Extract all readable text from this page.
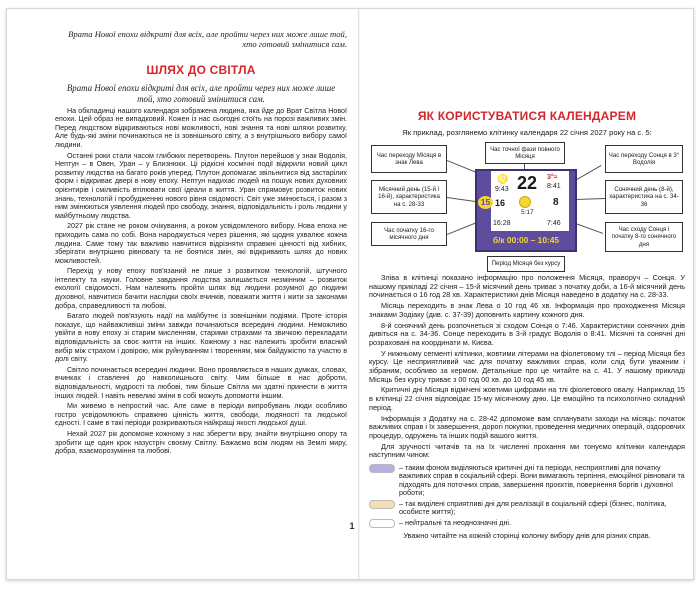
Врата Нової епохи відкриті для всіх, але пройти через них може лише той, хто готовий змінитися сам.
ШЛЯХ ДО СВІТЛА
Врата Нової епохи відкриті для всіх, але пройти через них може лише той, хто готовий змінитися сам.

На обкладинці нашого календаря зображена людина, яка йде до Врат Світла Нової епохи. Цей образ не випадковий. Кожен із нас сьогодні стоїть на порозі важливих змін. Перед людством відкриваються нові можливості, нові знання та нові шляхи розвитку. Але будь-які зміни починаються не із зовнішнього світу, а з внутрішнього вибору самої людини.

Останні роки стали часом глибоких перетворень. Плутон перейшов у знак Водолія, Нептун – в Овен, Уран – у Близнюки. Ці рідкісні космічні події відкрили новий цикл розвитку людства на багато років уперед. Плутон допомагає звільнитися від застарілих форм і відкриває двері в нову епоху. Нептун надихає людей на пошук нових духовних орієнтирів і сміливість втілювати свої ідеали в життя. Уран спрямовує розвиток нових знань, технологій і пробудженню нового рівня свідомості. Світ уже змінюється, і разом з ним змінюються уявлення людей про свободу, знання, відповідальність і роль людини у майбутньому людства.

2027 рік стане не роком очікування, а роком усвідомленого вибору. Нова епоха не приходить сама по собі. Вона народжується через рішення, які щодня ухвалює кожна людина. Саме тому так важливо навчитися відрізняти справжні цінності від хибних, зберігати внутрішню рівновагу та не боятися змін, які відкривають шлях до нових можливостей.

Перехід у нову епоху пов'язаний не лише з розвитком технологій, штучного інтелекту та науки. Головне завдання людства залишається незмінним – розвиток екології свідомості. Нам належить пройти шлях від людини розумної до людини духовної, навчитися бачити наслідки своїх вчинків, поважати життя і жити за законами добра, справедливості та любові.

Багато людей пов'язують надії на майбутнє із зовнішніми подіями. Проте історія показує, що найважливіші зміни завжди починаються всередині людини. Неможливо увійти в нову епоху зі старим мисленням, старими страхами та звичкою перекладати відповідальність за своє життя на інших. Кожному з нас належить зробити власний вибір між страхом і довірою, між руйнуванням і творенням, між байдужістю та участю в долі світу.

Світло починається всередині людини. Воно проявляється в наших думках, словах, вчинках і ставленні до навколишнього світу. Чим більше в нас доброти, відповідальності, мудрості та любові, тим більше Світла ми здатні принести в життя інших людей. І навіть невеликі зміни в собі можуть допомогти іншим.

Ми живемо в непростий час. Але саме в періоди випробувань люди особливо гостро усвідомлюють справжню цінність життя, свободи, людяності та людської єдності. І саме в такі періоди розкриваються найкращі якості людської душі.

Нехай 2027 рік допоможе кожному з нас зберегти віру, знайти внутрішню опору та зробити ще один крок назустріч своєму Світлу. Бажаємо всім людям на Землі миру, добра, взаєморозуміння та любові.

ЯК КОРИСТУВАТИСЯ КАЛЕНДАРЕМ
Як приклад, розглянемо клітинку календаря 22 січня 2027 року на с. 5:
Час переходу Місяця в знак Лева
Час точної фази повного Місяця	Час переходу Сонця в 3° Водолія
Місячний день (15-й і 16-й), характеристика на с. 28-33
Сонячний день (8-й), характеристика на с. 34-36
Час початку 16-го місячного дня
Час сходу Сонця і початку 8-го сонячного дня
Період Місяця без курсу
♌
9:43 22 3°≈
8:41
15 16
5:17
8
16:28	7:46
б/к 00:00 – 10:45

Зліва в клітинці показано інформацію про положення Місяця, праворуч – Сонця. У нашому прикладі 22 січня – 15-й місячний день триває з початку доби, а 16-й місячний день починається о 16 год 28 хв. Характеристики днів Місяця наведено в додатку на с. 28-33.

Місяць переходить в знак Лева о 10 год 46 хв. Інформація про проходження Місяця знаками Зодіаку (див. с. 37-39) доповнить картину кожного дня.

8-й сонячний день розпочнеться зі сходом Сонця о 7:46. Характеристики сонячних днів дивіться на с. 34-36. Сонце переходить в 3-й градус Водолія о 8:41. Місячні та сонячні дні розраховані на координати м. Києва.

У нижньому сегменті клітинки, жовтими літерами на фіолетовому тлі – період Місяця без курсу. Це несприятливий час для початку важливих справ, коли слід бути уважним і зібраним, особливо за кермом. Детальніше про це читайте на с. 41. У нашому прикладі Місяць без курсу триває з 00 год 00 хв. до 10 год 45 хв.

Критичні дні Місяця відмічені жовтими цифрами на тлі фіолетового овалу. Наприклад 15 в клітинці 22 січня відповідає 15-му місячному дню. Це емоційно та психологічно складний період.

Інформація з Додатку на с. 28-42 допоможе вам спланувати заходи на місяць: початок важливих справ і їх завершення, дорогі покупки, проведення медичних операцій, оздоровчих процедур, одружень та інших подій вашого життя.

Для зручності читачів та на їх численні прохання ми тонуємо клітинки календаря наступним чином:

– таким фоном виділяються критичні дні та періоди, несприятливі для початку важливих справ в соціальній сфері. Вони вимагають терпіння, емоційної рівноваги та підходять для поточних справ, завершення проєктів, повернення боргів і духовної роботи;
– так виділені сприятливі дні для реалізації в соціальній сфері (бізнес, політика, особисте життя);
– нейтральні та неоднозначні дні.
Уважно читайте на кожній сторінці колонку вибору днів для різних справ.
1
